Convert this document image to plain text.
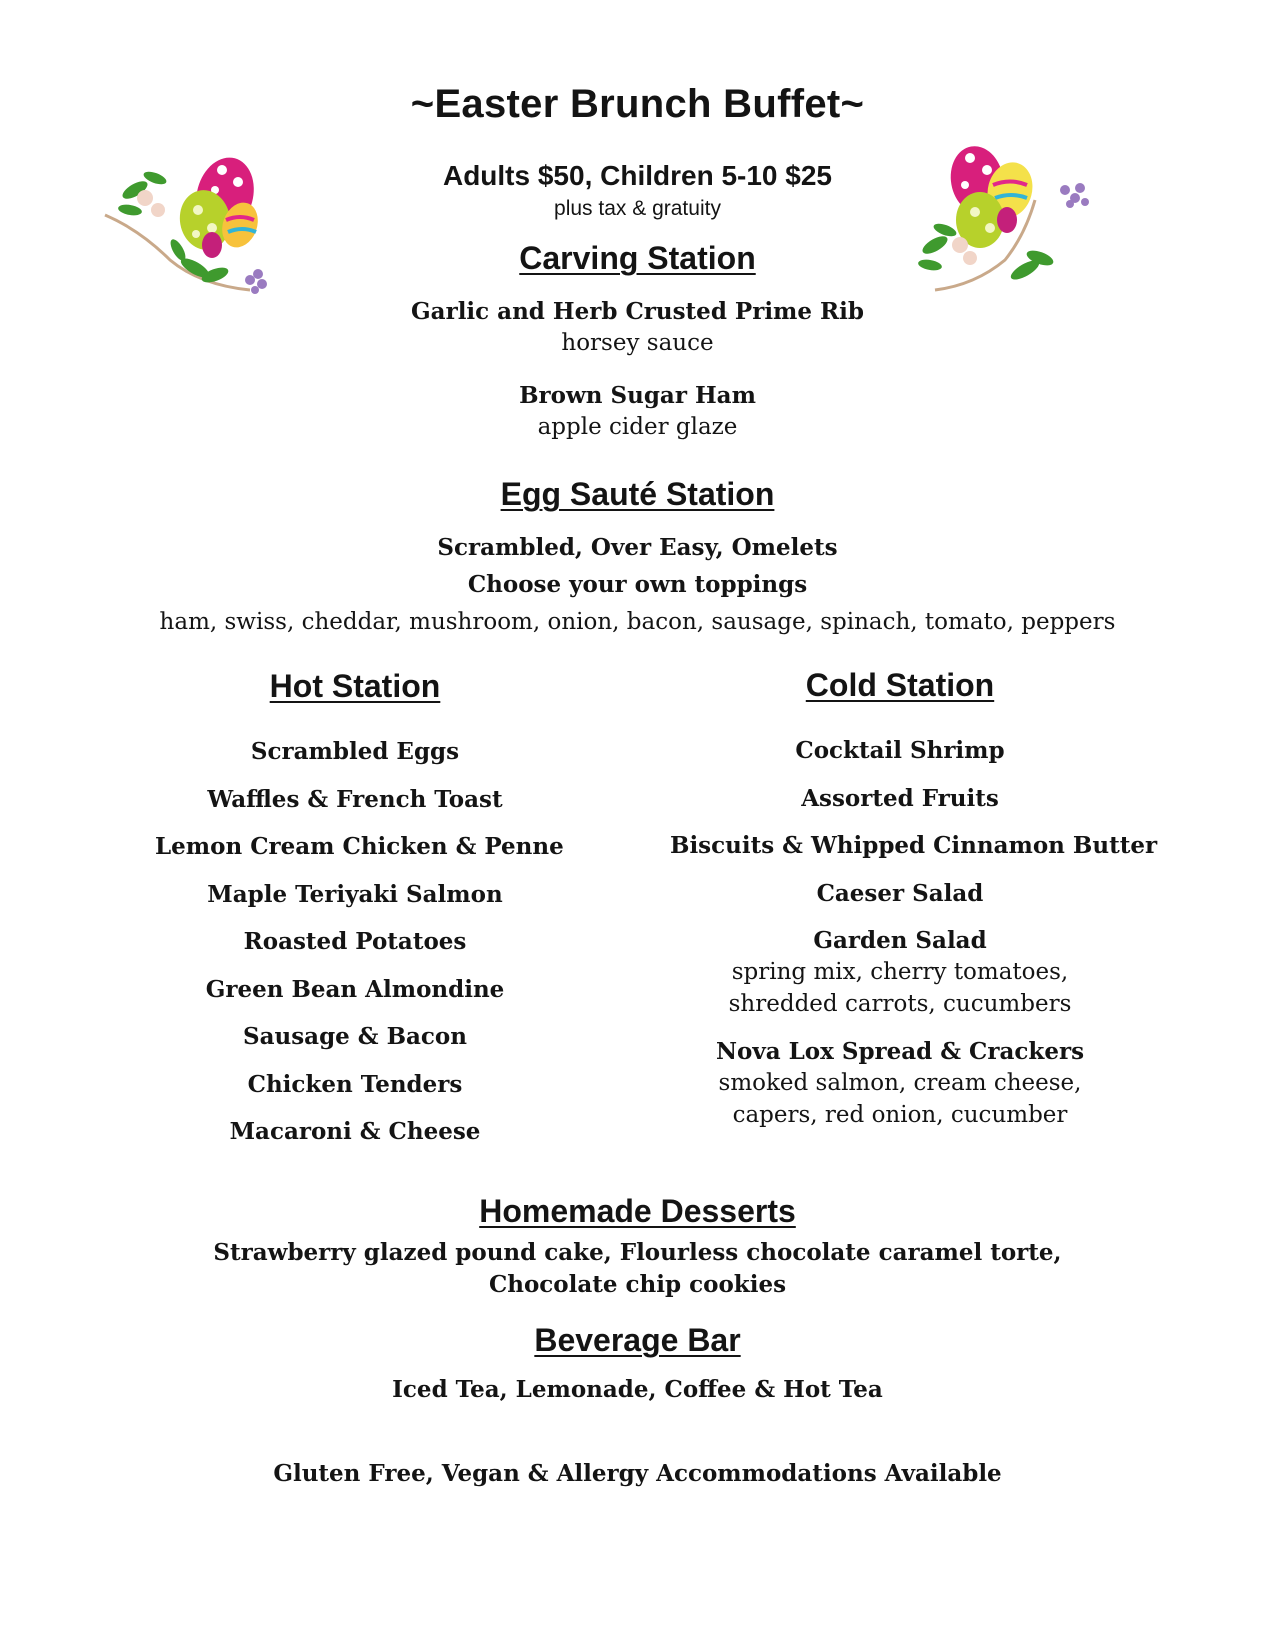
~Easter Brunch Buffet~
Adults $50, Children 5-10 $25
plus tax & gratuity
Carving Station
Garlic and Herb Crusted Prime Rib
horsey sauce
Brown Sugar Ham
apple cider glaze
Egg Sauté Station
Scrambled, Over Easy, Omelets
Choose your own toppings
ham, swiss, cheddar, mushroom, onion, bacon, sausage, spinach, tomato, peppers
Hot Station
Scrambled Eggs
Waffles & French Toast
Lemon Cream Chicken & Penne
Maple Teriyaki Salmon
Roasted Potatoes
Green Bean Almondine
Sausage & Bacon
Chicken Tenders
Macaroni & Cheese
Cold Station
Cocktail Shrimp
Assorted Fruits
Biscuits & Whipped Cinnamon Butter
Caeser Salad
Garden Salad
spring mix, cherry tomatoes,
shredded carrots, cucumbers
Nova Lox Spread & Crackers
smoked salmon, cream cheese,
capers, red onion, cucumber
Homemade Desserts
Strawberry glazed pound cake, Flourless chocolate caramel torte,
Chocolate chip cookies
Beverage Bar
Iced Tea, Lemonade, Coffee & Hot Tea
Gluten Free, Vegan & Allergy Accommodations Available
